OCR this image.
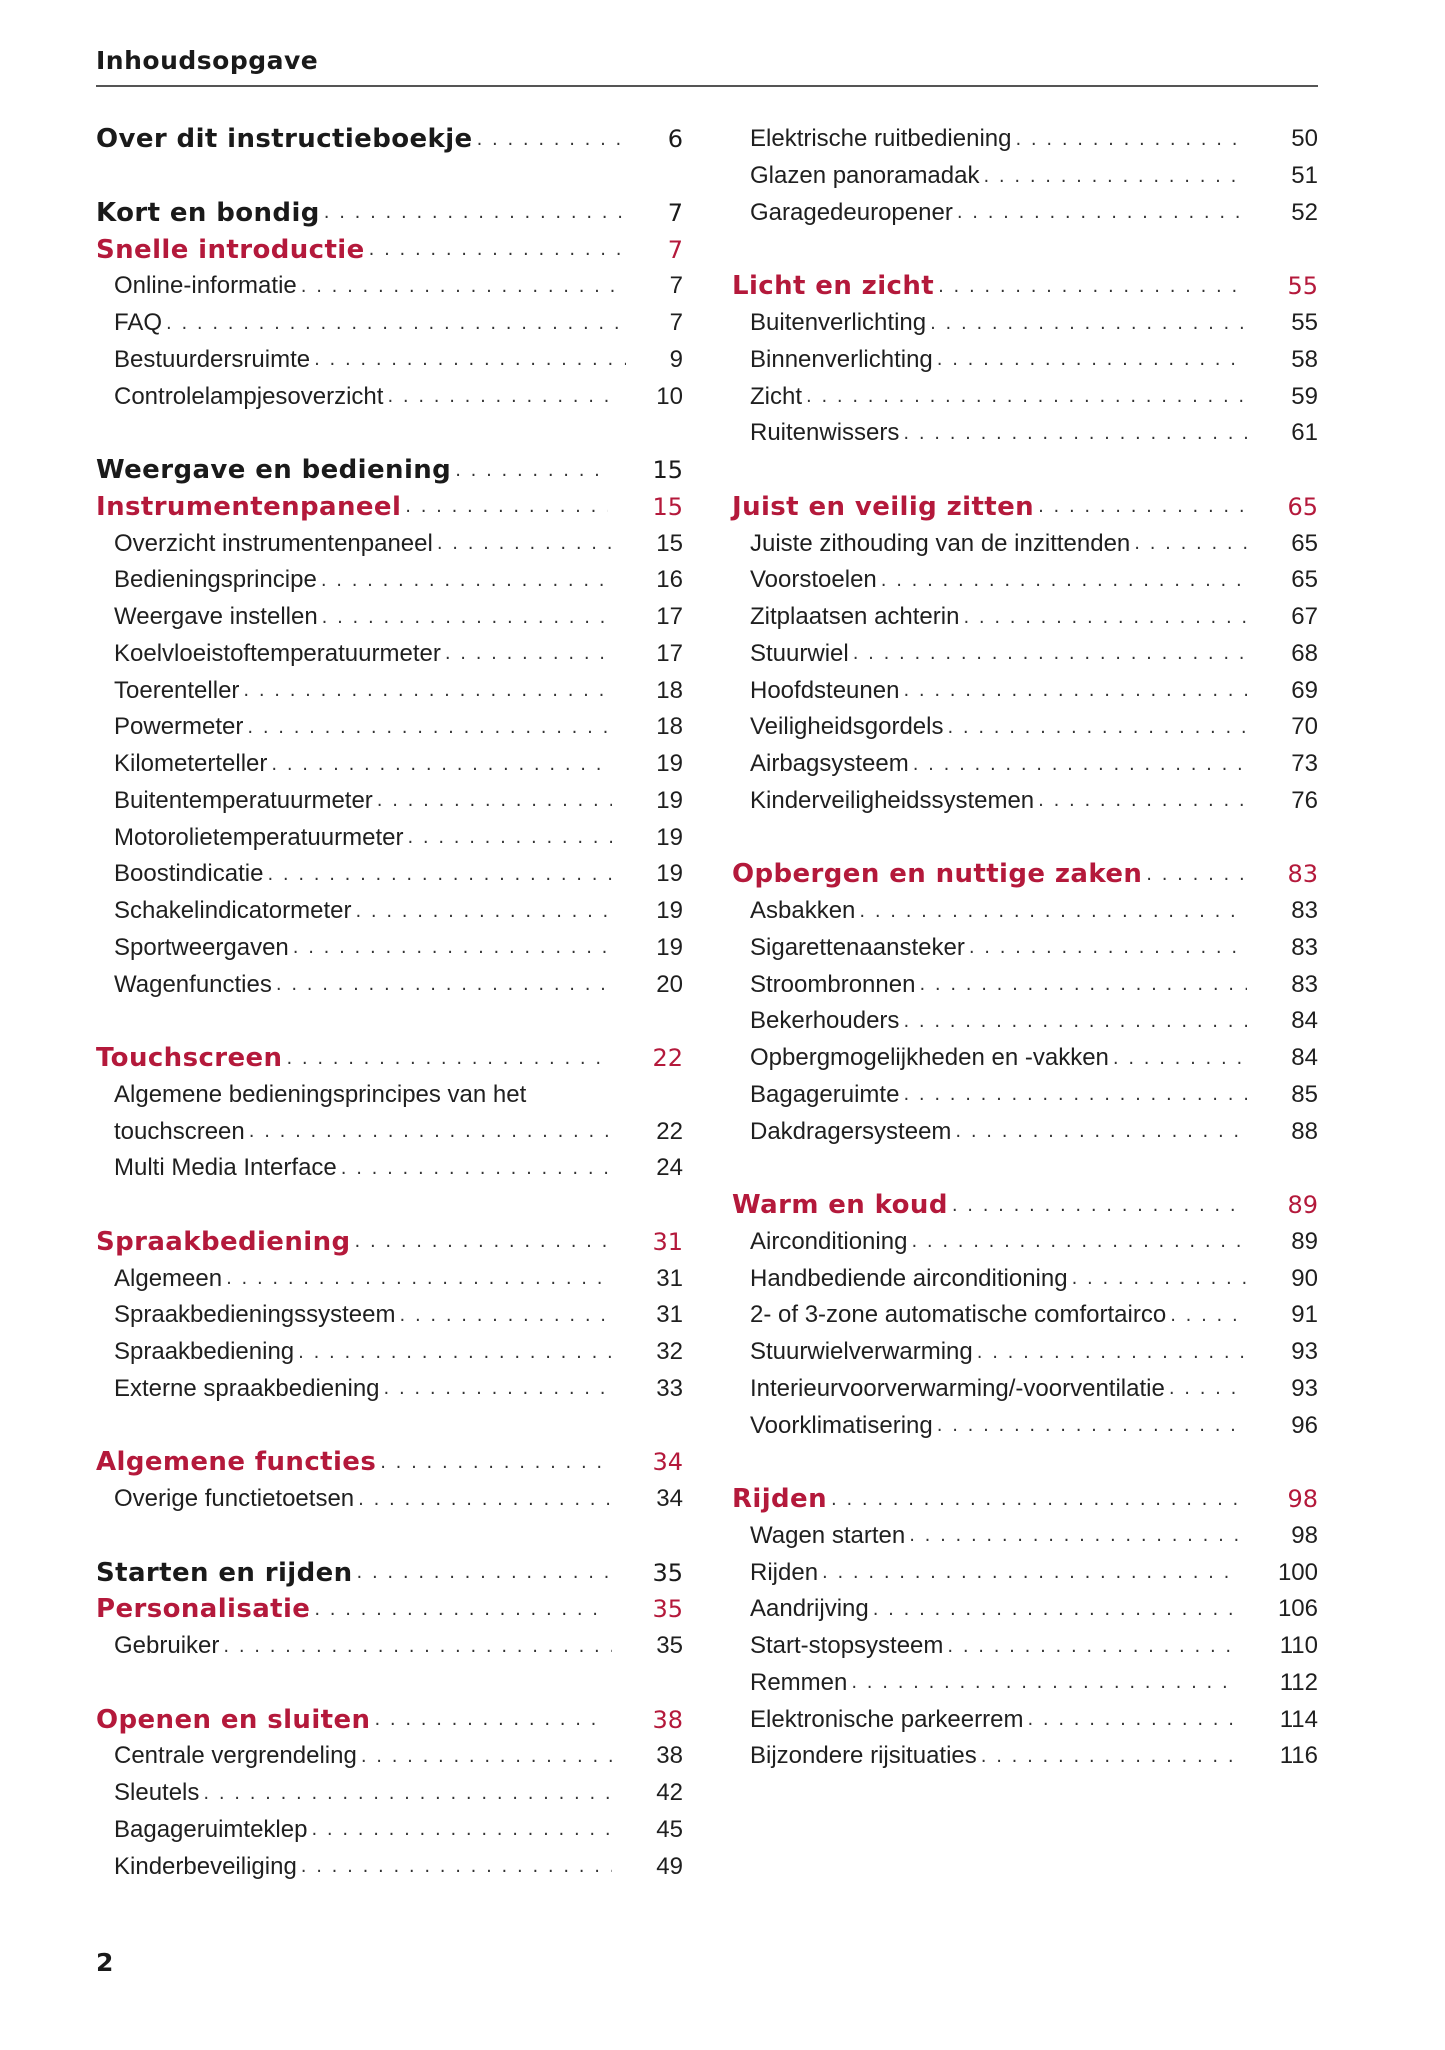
Inhoudsopgave
Over dit instructieboekje . . .	6
Kort en bondig . . .	7
Snelle introductie . . .	7
Online-informatie . . .	7
FAQ . . .	7
Bestuurdersruimte . . .	9
Controlelampjesoverzicht . . .	10
Weergave en bediening . . .	15
Instrumentenpaneel . . .	15
Overzicht instrumentenpaneel . . .	15
Bedieningsprincipe . . .	16
Weergave instellen . . .	17
Koelvloeistoftemperatuurmeter . . .	17
Toerenteller . . .	18
Powermeter . . .	18
Kilometerteller . . .	19
Buitentemperatuurmeter . . .	19
Motorolietemperatuurmeter . . .	19
Boostindicatie . . .	19
Schakelindicatormeter . . .	19
Sportweergaven . . .	19
Wagenfuncties . . .	20
Touchscreen . . .	22
Algemene bedieningsprincipes van het
touchscreen . . .	22
Multi Media Interface . . .	24
Spraakbediening . . .	31
Algemeen . . .	31
Spraakbedieningssysteem . . .	31
Spraakbediening . . .	32
Externe spraakbediening . . .	33
Algemene functies . . .	34
Overige functietoetsen . . .	34
Starten en rijden . . .	35
Personalisatie . . .	35
Gebruiker . . .	35
Openen en sluiten . . .	38
Centrale vergrendeling . . .	38
Sleutels . . .	42
Bagageruimteklep . . .	45
Kinderbeveiliging . . .	49
Elektrische ruitbediening . . .	50
Glazen panoramadak . . .	51
Garagedeuropener . . .	52
Licht en zicht . . .	55
Buitenverlichting . . .	55
Binnenverlichting . . .	58
Zicht . . .	59
Ruitenwissers . . .	61
Juist en veilig zitten . . .	65
Juiste zithouding van de inzittenden . . .	65
Voorstoelen . . .	65
Zitplaatsen achterin . . .	67
Stuurwiel . . .	68
Hoofdsteunen . . .	69
Veiligheidsgordels . . .	70
Airbagsysteem . . .	73
Kinderveiligheidssystemen . . .	76
Opbergen en nuttige zaken . . .	83
Asbakken . . .	83
Sigarettenaansteker . . .	83
Stroombronnen . . .	83
Bekerhouders . . .	84
Opbergmogelijkheden en -vakken . . .	84
Bagageruimte . . .	85
Dakdragersysteem . . .	88
Warm en koud . . .	89
Airconditioning . . .	89
Handbediende airconditioning . . .	90
2- of 3-zone automatische comfortairco . . .	91
Stuurwielverwarming . . .	93
Interieurvoorverwarming/-voorventilatie . . .	93
Voorklimatisering . . .	96
Rijden . . .	98
Wagen starten . . .	98
Rijden . . .	100
Aandrijving . . .	106
Start-stopsysteem . . .	110
Remmen . . .	112
Elektronische parkeerrem . . .	114
Bijzondere rijsituaties . . .	116
2
